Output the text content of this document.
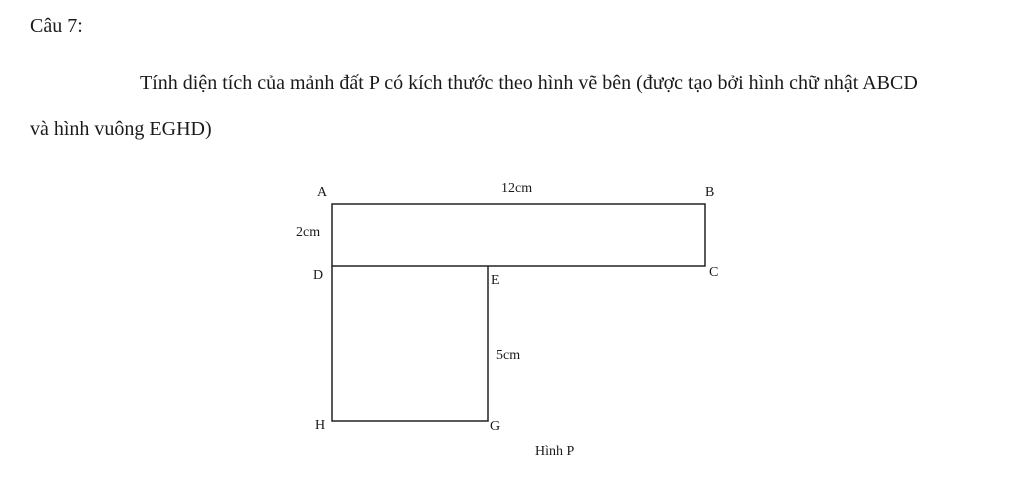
Câu 7:
Tính diện tích của mảnh đất P có kích thước theo hình vẽ bên (được tạo bởi hình chữ nhật ABCD
và hình vuông EGHD)
A	B
C
D	E
G
H
12cm
2cm
5cm
Hình P
